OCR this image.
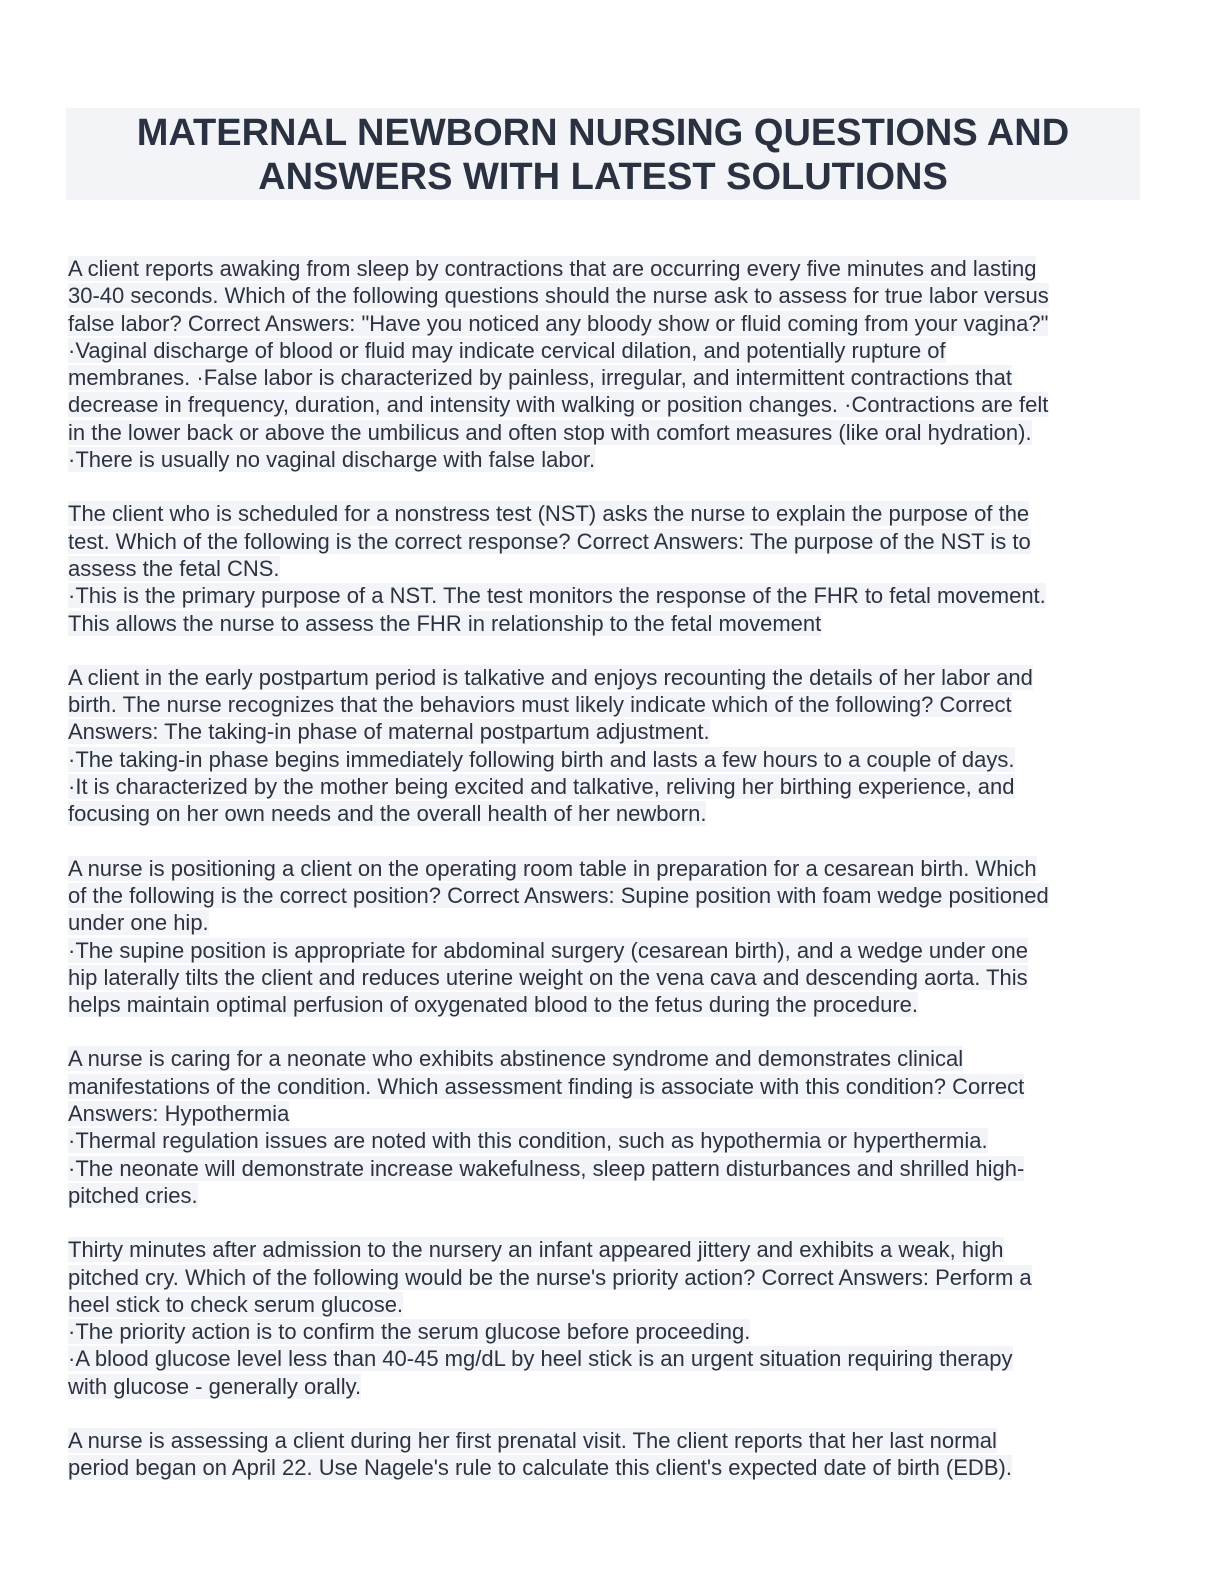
MATERNAL NEWBORN NURSING QUESTIONS AND
ANSWERS WITH LATEST SOLUTIONS
A client reports awaking from sleep by contractions that are occurring every five minutes and lasting
30-40 seconds. Which of the following questions should the nurse ask to assess for true labor versus
false labor? Correct Answers: "Have you noticed any bloody show or fluid coming from your vagina?"
·Vaginal discharge of blood or fluid may indicate cervical dilation, and potentially rupture of
membranes. ·False labor is characterized by painless, irregular, and intermittent contractions that
decrease in frequency, duration, and intensity with walking or position changes. ·Contractions are felt
in the lower back or above the umbilicus and often stop with comfort measures (like oral hydration).
·There is usually no vaginal discharge with false labor.
The client who is scheduled for a nonstress test (NST) asks the nurse to explain the purpose of the
test. Which of the following is the correct response? Correct Answers: The purpose of the NST is to
assess the fetal CNS.
·This is the primary purpose of a NST. The test monitors the response of the FHR to fetal movement.
This allows the nurse to assess the FHR in relationship to the fetal movement
A client in the early postpartum period is talkative and enjoys recounting the details of her labor and
birth. The nurse recognizes that the behaviors must likely indicate which of the following? Correct
Answers: The taking-in phase of maternal postpartum adjustment.
·The taking-in phase begins immediately following birth and lasts a few hours to a couple of days.
·It is characterized by the mother being excited and talkative, reliving her birthing experience, and
focusing on her own needs and the overall health of her newborn.
A nurse is positioning a client on the operating room table in preparation for a cesarean birth. Which
of the following is the correct position? Correct Answers: Supine position with foam wedge positioned
under one hip.
·The supine position is appropriate for abdominal surgery (cesarean birth), and a wedge under one
hip laterally tilts the client and reduces uterine weight on the vena cava and descending aorta. This
helps maintain optimal perfusion of oxygenated blood to the fetus during the procedure.
A nurse is caring for a neonate who exhibits abstinence syndrome and demonstrates clinical
manifestations of the condition. Which assessment finding is associate with this condition? Correct
Answers: Hypothermia
·Thermal regulation issues are noted with this condition, such as hypothermia or hyperthermia.
·The neonate will demonstrate increase wakefulness, sleep pattern disturbances and shrilled high-
pitched cries.
Thirty minutes after admission to the nursery an infant appeared jittery and exhibits a weak, high
pitched cry. Which of the following would be the nurse's priority action? Correct Answers: Perform a
heel stick to check serum glucose.
·The priority action is to confirm the serum glucose before proceeding.
·A blood glucose level less than 40-45 mg/dL by heel stick is an urgent situation requiring therapy
with glucose - generally orally.
A nurse is assessing a client during her first prenatal visit. The client reports that her last normal
period began on April 22. Use Nagele's rule to calculate this client's expected date of birth (EDB).
